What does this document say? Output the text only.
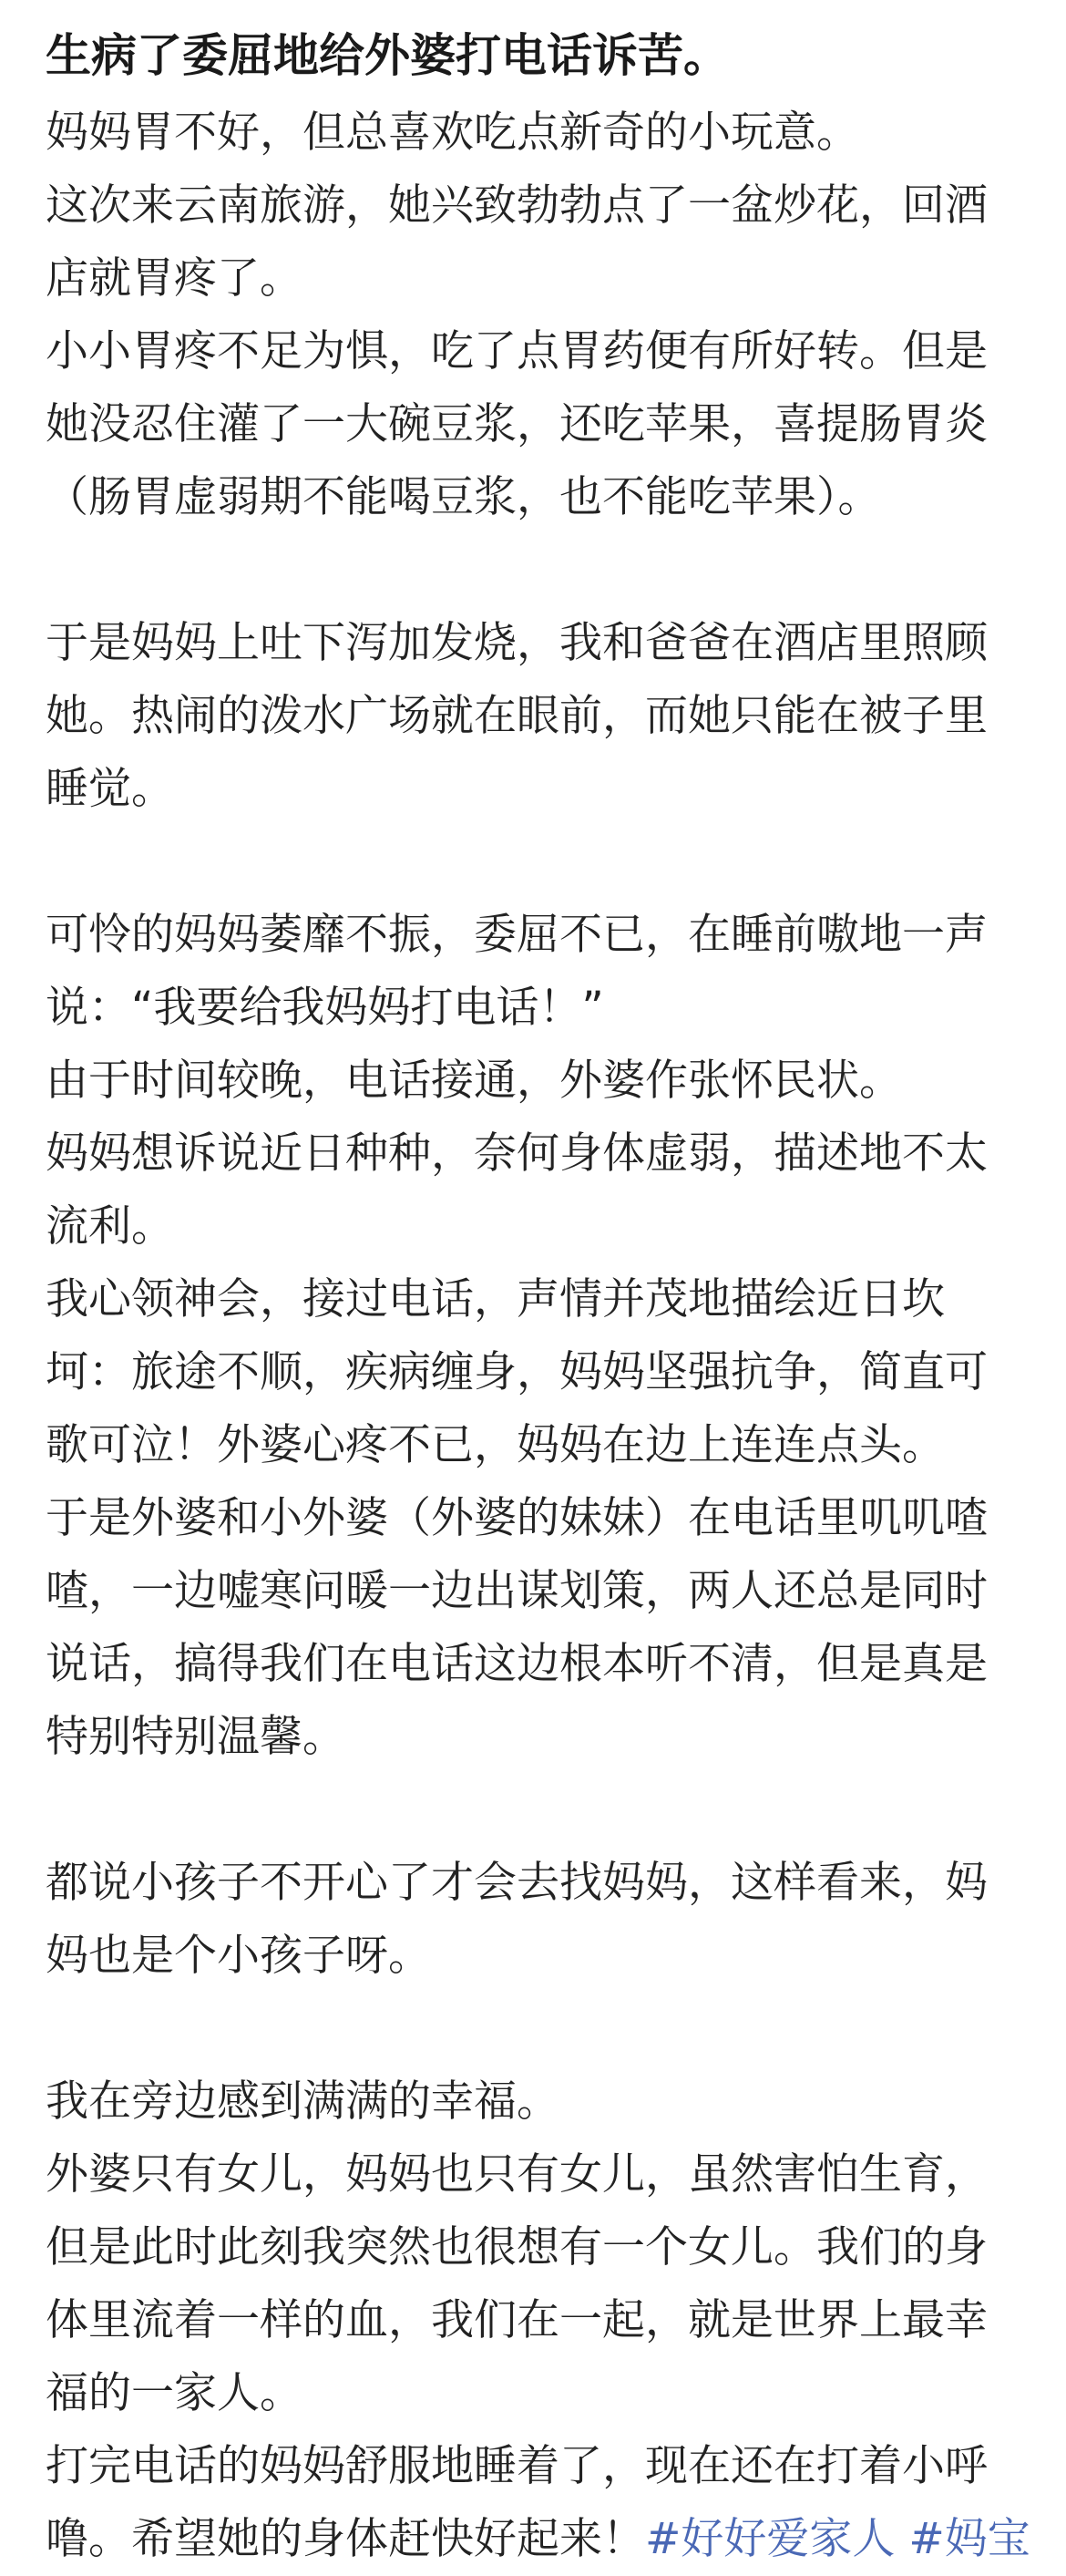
生病了委屈地给外婆打电话诉苦。
妈妈胃不好，但总喜欢吃点新奇的小玩意。
这次来云南旅游，她兴致勃勃点了一盆炒花，回酒
店就胃疼了。
小小胃疼不足为惧，吃了点胃药便有所好转。但是
她没忍住灌了一大碗豆浆，还吃苹果，喜提肠胃炎
（肠胃虚弱期不能喝豆浆，也不能吃苹果）。
于是妈妈上吐下泻加发烧，我和爸爸在酒店里照顾
她。热闹的泼水广场就在眼前，而她只能在被子里
睡觉。
可怜的妈妈萎靡不振，委屈不已，在睡前嗷地一声
说：“我要给我妈妈打电话！”
由于时间较晚，电话接通，外婆作张怀民状。
妈妈想诉说近日种种，奈何身体虚弱，描述地不太
流利。
我心领神会，接过电话，声情并茂地描绘近日坎
坷：旅途不顺，疾病缠身，妈妈坚强抗争，简直可
歌可泣！外婆心疼不已，妈妈在边上连连点头。
于是外婆和小外婆（外婆的妹妹）在电话里叽叽喳
喳，一边嘘寒问暖一边出谋划策，两人还总是同时
说话，搞得我们在电话这边根本听不清，但是真是
特别特别温馨。
都说小孩子不开心了才会去找妈妈，这样看来，妈
妈也是个小孩子呀。
我在旁边感到满满的幸福。
外婆只有女儿，妈妈也只有女儿，虽然害怕生育，
但是此时此刻我突然也很想有一个女儿。我们的身
体里流着一样的血，我们在一起，就是世界上最幸
福的一家人。
打完电话的妈妈舒服地睡着了，现在还在打着小呼
噜。希望她的身体赶快好起来！#好好爱家人 #妈宝
